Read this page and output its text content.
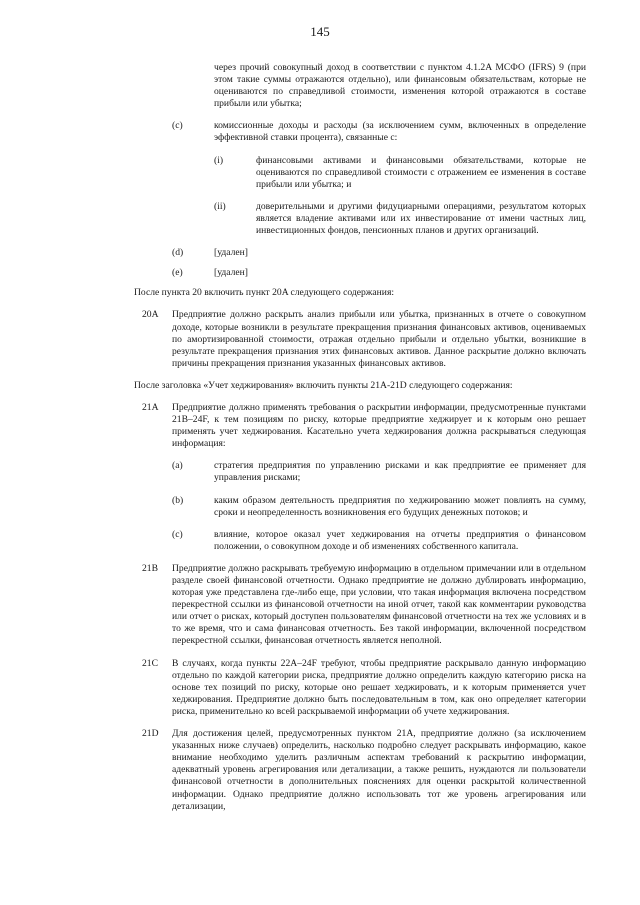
145
через прочий совокупный доход в соответствии с пунктом 4.1.2A МСФО (IFRS) 9 (при этом такие суммы отражаются отдельно), или финансовым обязательствам, которые не оцениваются по справедливой стоимости, изменения которой отражаются в составе прибыли или убытка;
(c)	комиссионные доходы и расходы (за исключением сумм, включенных в определение эффективной ставки процента), связанные с:
(i)	финансовыми активами и финансовыми обязательствами, которые не оцениваются по справедливой стоимости с отражением ее изменения в составе прибыли или убытка; и
(ii)	доверительными и другими фидуциарными операциями, результатом которых является владение активами или их инвестирование от имени частных лиц, инвестиционных фондов, пенсионных планов и других организаций.
(d)	[удален]
(e)	[удален]
После пункта 20 включить пункт 20A следующего содержания:
20A Предприятие должно раскрыть анализ прибыли или убытка, признанных в отчете о совокупном доходе, которые возникли в результате прекращения признания финансовых активов, оцениваемых по амортизированной стоимости, отражая отдельно прибыли и отдельно убытки, возникшие в результате прекращения признания этих финансовых активов. Данное раскрытие должно включать причины прекращения признания указанных финансовых активов.
После заголовка «Учет хеджирования» включить пункты 21A-21D следующего содержания:
21A Предприятие должно применять требования о раскрытии информации, предусмотренные пунктами 21B–24F, к тем позициям по риску, которые предприятие хеджирует и к которым оно решает применять учет хеджирования. Касательно учета хеджирования должна раскрываться следующая информация:
(a)	стратегия предприятия по управлению рисками и как предприятие ее применяет для управления рисками;
(b)	каким образом деятельность предприятия по хеджированию может повлиять на сумму, сроки и неопределенность возникновения его будущих денежных потоков; и
(c)	влияние, которое оказал учет хеджирования на отчеты предприятия о финансовом положении, о совокупном доходе и об изменениях собственного капитала.
21B Предприятие должно раскрывать требуемую информацию в отдельном примечании или в отдельном разделе своей финансовой отчетности. Однако предприятие не должно дублировать информацию, которая уже представлена где-либо еще, при условии, что такая информация включена посредством перекрестной ссылки из финансовой отчетности на иной отчет, такой как комментарии руководства или отчет о рисках, который доступен пользователям финансовой отчетности на тех же условиях и в то же время, что и сама финансовая отчетность. Без такой информации, включенной посредством перекрестной ссылки, финансовая отчетность является неполной.
21C В случаях, когда пункты 22A–24F требуют, чтобы предприятие раскрывало данную информацию отдельно по каждой категории риска, предприятие должно определить каждую категорию риска на основе тех позиций по риску, которые оно решает хеджировать, и к которым применяется учет хеджирования. Предприятие должно быть последовательным в том, как оно определяет категории риска, применительно ко всей раскрываемой информации об учете хеджирования.
21D Для достижения целей, предусмотренных пунктом 21A, предприятие должно (за исключением указанных ниже случаев) определить, насколько подробно следует раскрывать информацию, какое внимание необходимо уделить различным аспектам требований к раскрытию информации, адекватный уровень агрегирования или детализации, а также решить, нуждаются ли пользователи финансовой отчетности в дополнительных пояснениях для оценки раскрытой количественной информации. Однако предприятие должно использовать тот же уровень агрегирования или детализации,
